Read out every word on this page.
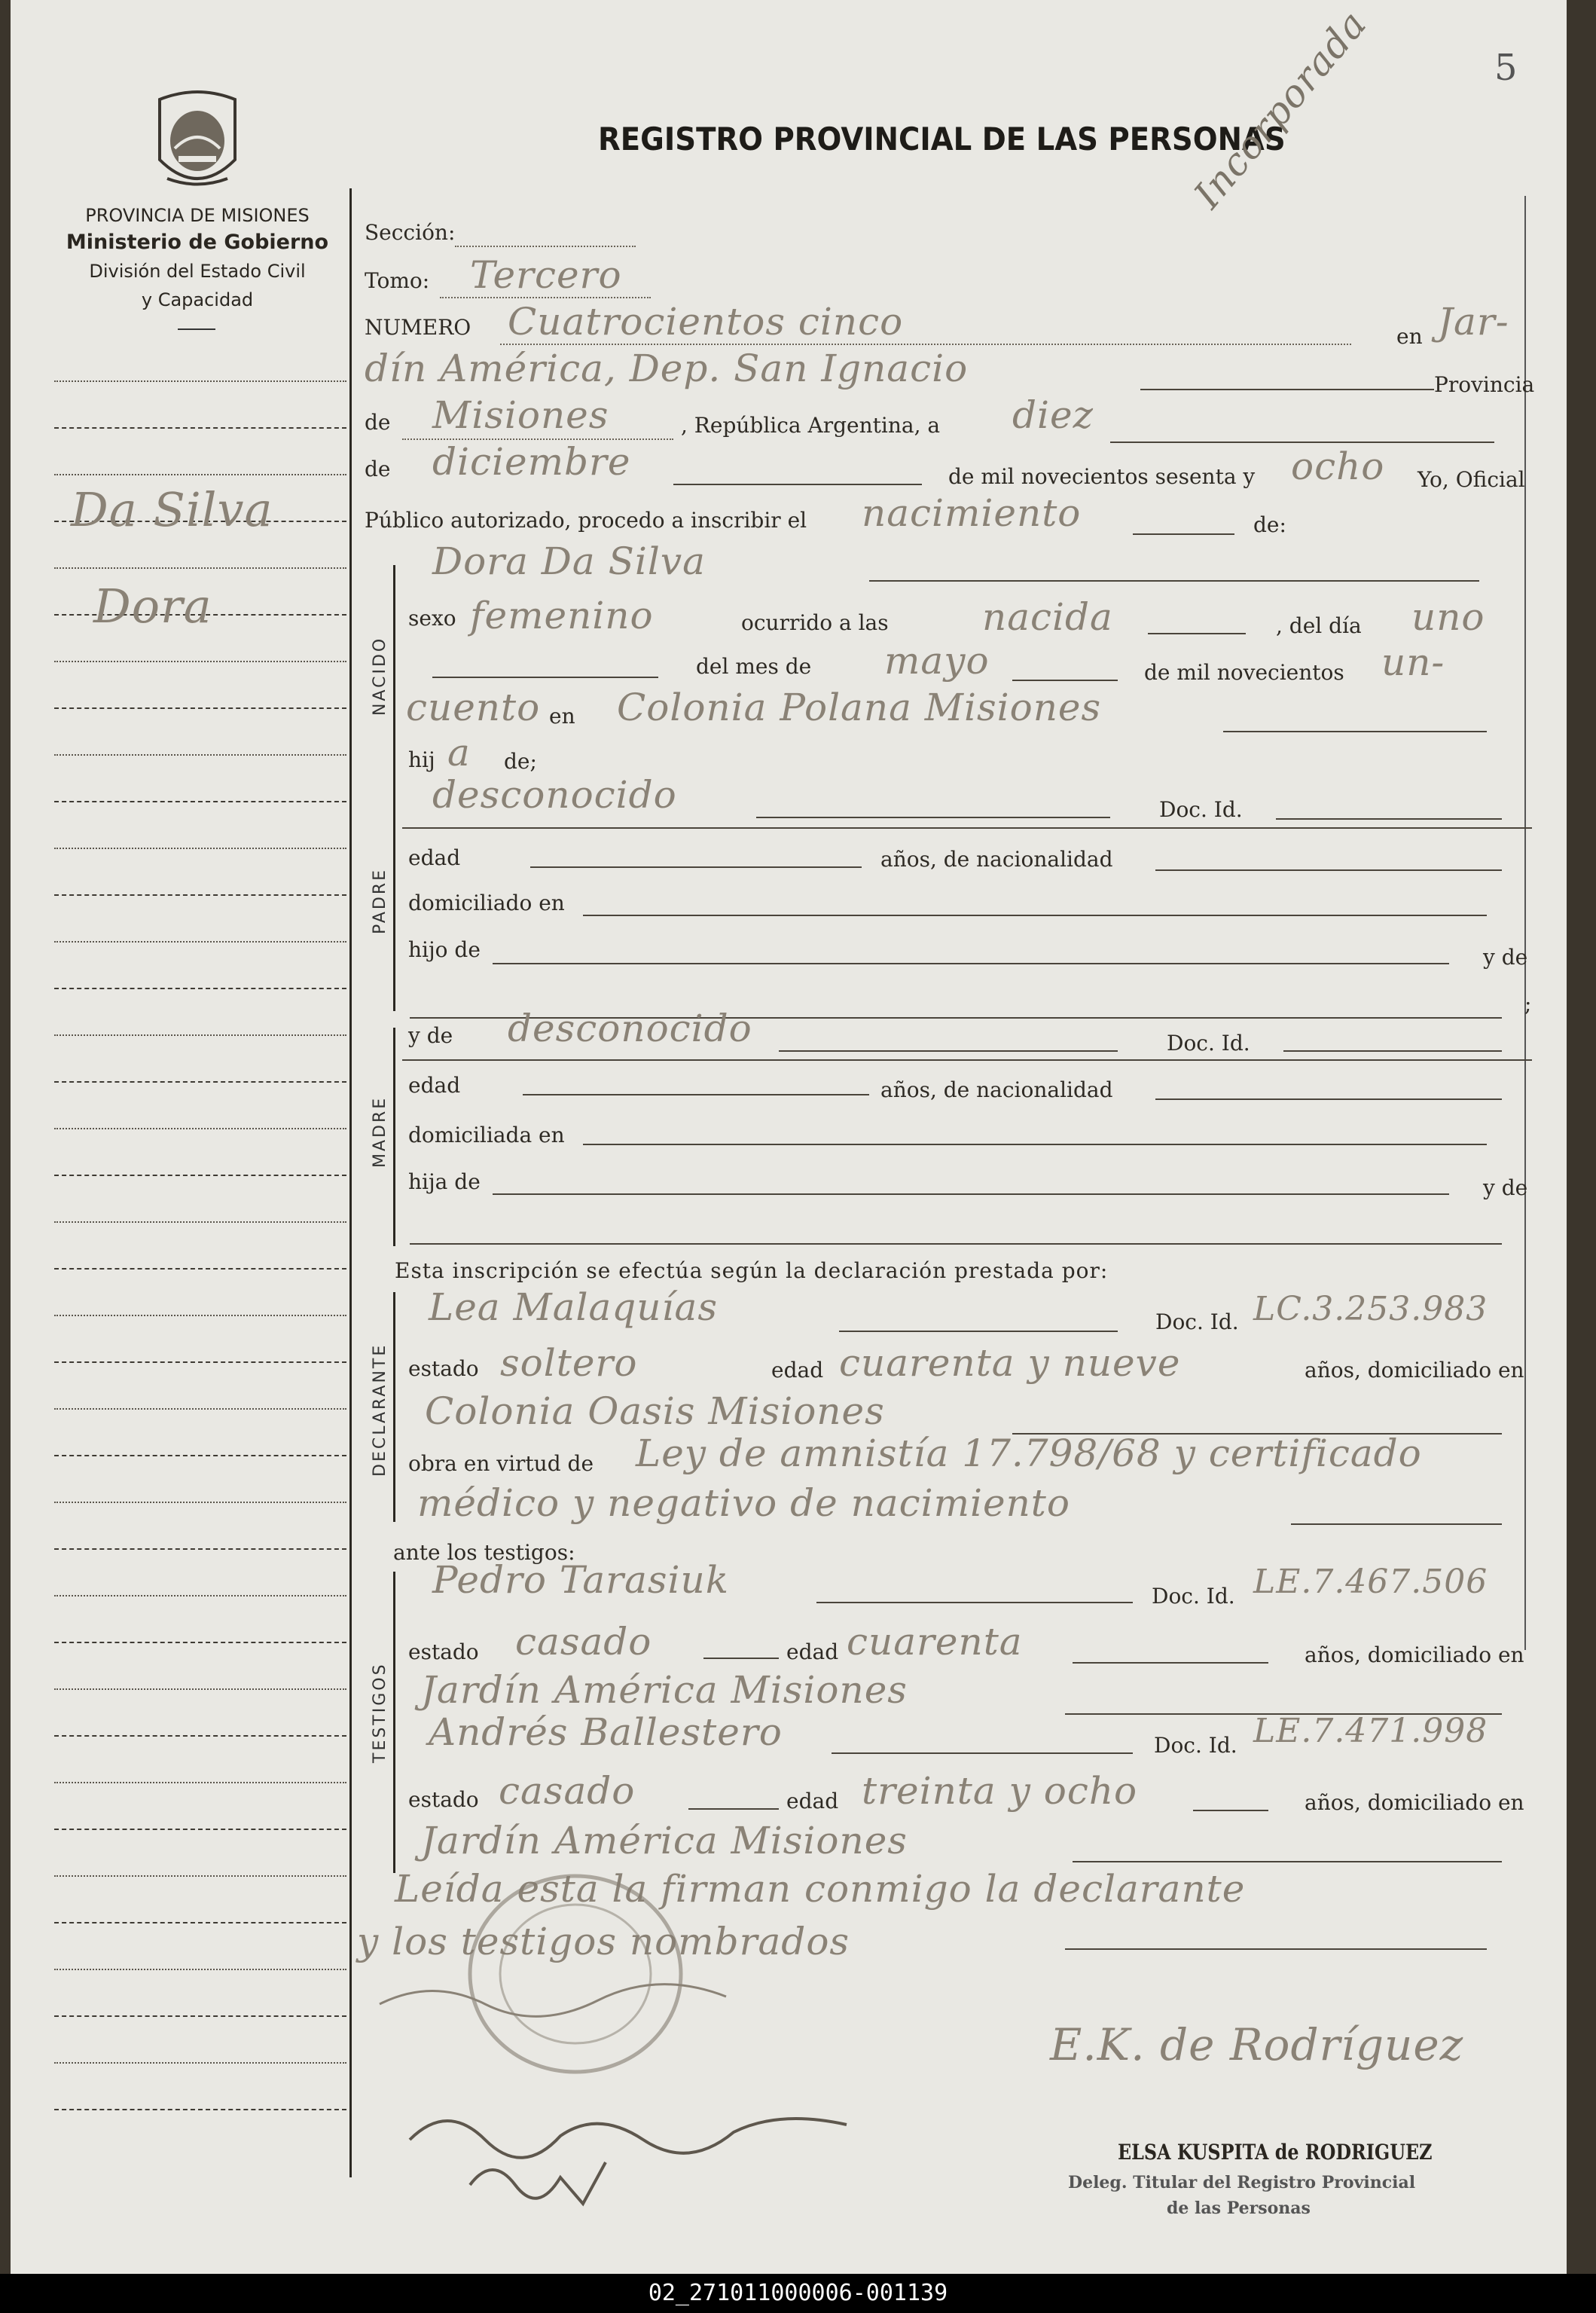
5
PROVINCIA DE MISIONES
Ministerio de Gobierno
División del Estado Civil
y Capacidad
REGISTRO PROVINCIAL DE LAS PERSONAS
Incorporada
Da Silva
Dora
Sección:
Tomo: Tercero
NUMERO Cuatrocientos cinco	en Jar-
dín América, Dep. San Ignacio	Provincia
de Misiones	, República Argentina, a diez
de diciembre	de mil novecientos sesenta y ocho Yo, Oficial
Público autorizado, procedo a inscribir el nacimiento	de:
NACIDO
Dora Da Silva
sexo femenino	ocurrido a las nacida	, del día uno
del mes de mayo	de mil novecientos un-
cuento en Colonia Polana Misiones
hij a de;
PADRE
desconocido	Doc. Id.
edad	años, de nacionalidad
domiciliado en
hijo de	y de
;
MADRE
y de desconocido	Doc. Id.
edad	años, de nacionalidad
domiciliada en
hija de	y de
Esta inscripción se efectúa según la declaración prestada por:
DECLARANTE
Lea Malaquías	Doc. Id. LC.3.253.983
estado soltero	edad cuarenta y nueve	años, domiciliado en
Colonia Oasis Misiones
obra en virtud de Ley de amnistía 17.798/68 y certificado
médico y negativo de nacimiento
ante los testigos:
TESTIGOS
Pedro Tarasiuk	Doc. Id. LE.7.467.506
estado casado	edad cuarenta	años, domiciliado en
Jardín América Misiones
Andrés Ballestero	Doc. Id. LE.7.471.998
estado casado	edad treinta y ocho	años, domiciliado en
Jardín América Misiones
Leída esta la firman conmigo la declarante
y los testigos nombrados
E.K. de Rodríguez
ELSA KUSPITA de RODRIGUEZ
Deleg. Titular del Registro Provincial
de las Personas
02_271011000006-001139
